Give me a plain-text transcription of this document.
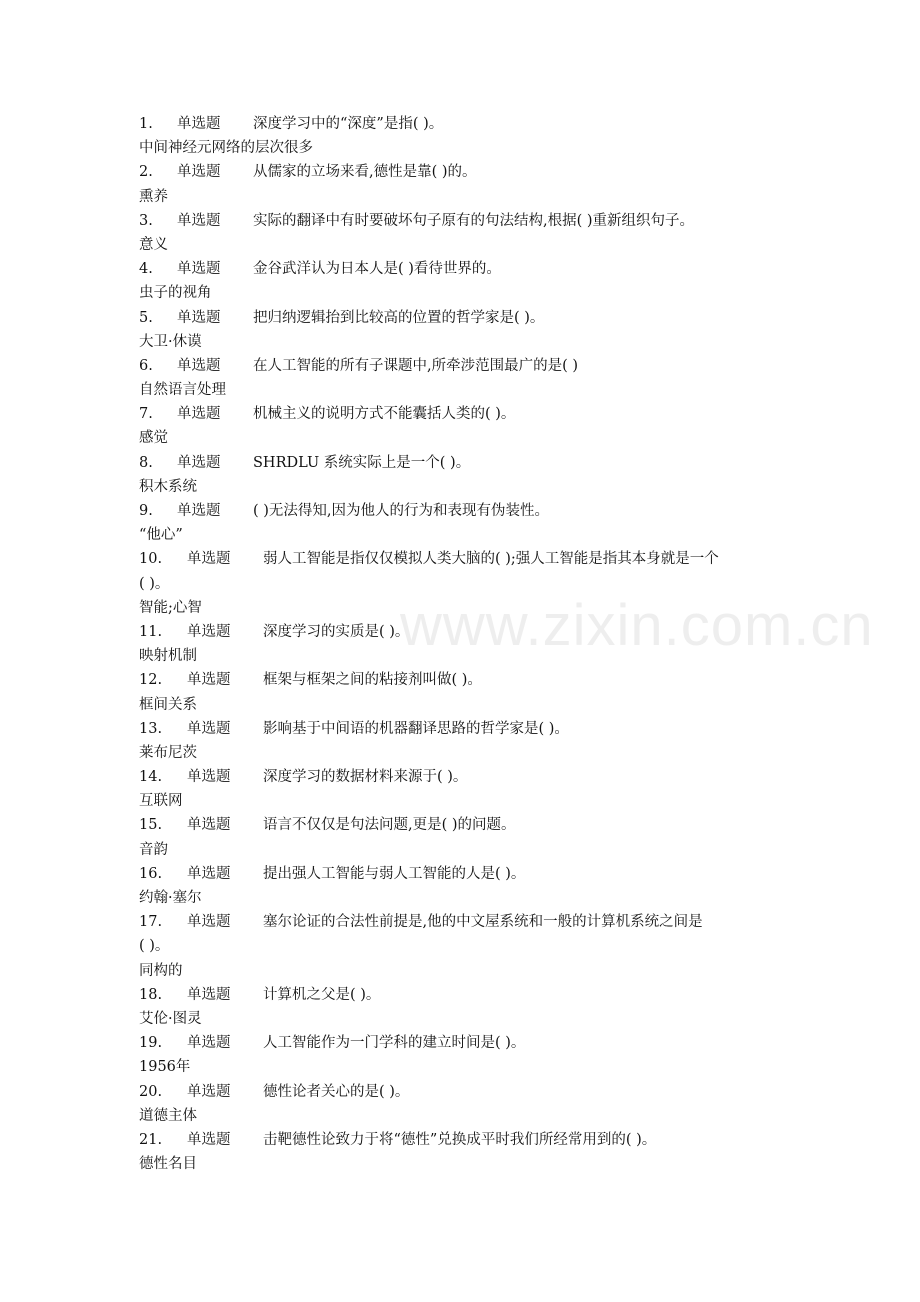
www.zixin.com.cn
1.	单选题	深度学习中的“深度”是指( )。
中间神经元网络的层次很多
2.	单选题	从儒家的立场来看,德性是靠( )的。
熏养
3.	单选题	实际的翻译中有时要破坏句子原有的句法结构,根据( )重新组织句子。
意义
4.	单选题	金谷武洋认为日本人是( )看待世界的。
虫子的视角
5.	单选题	把归纳逻辑抬到比较高的位置的哲学家是( )。
大卫·休谟
6.	单选题	在人工智能的所有子课题中,所牵涉范围最广的是( )
自然语言处理
7.	单选题	机械主义的说明方式不能囊括人类的( )。
感觉
8.	单选题	SHRDLU 系统实际上是一个( )。
积木系统
9.	单选题	( )无法得知,因为他人的行为和表现有伪装性。
“他心”
10.	单选题	弱人工智能是指仅仅模拟人类大脑的( );强人工智能是指其本身就是一个
( )。
智能;心智
11.	单选题	深度学习的实质是( )。
映射机制
12.	单选题	框架与框架之间的粘接剂叫做( )。
框间关系
13.	单选题	影响基于中间语的机器翻译思路的哲学家是( )。
莱布尼茨
14.	单选题	深度学习的数据材料来源于( )。
互联网
15.	单选题	语言不仅仅是句法问题,更是( )的问题。
音韵
16.	单选题	提出强人工智能与弱人工智能的人是( )。
约翰·塞尔
17.	单选题	塞尔论证的合法性前提是,他的中文屋系统和一般的计算机系统之间是
( )。
同构的
18.	单选题	计算机之父是( )。
艾伦·图灵
19.	单选题	人工智能作为一门学科的建立时间是( )。
1956年
20.	单选题	德性论者关心的是( )。
道德主体
21.	单选题	击靶德性论致力于将“德性”兑换成平时我们所经常用到的( )。
德性名目
